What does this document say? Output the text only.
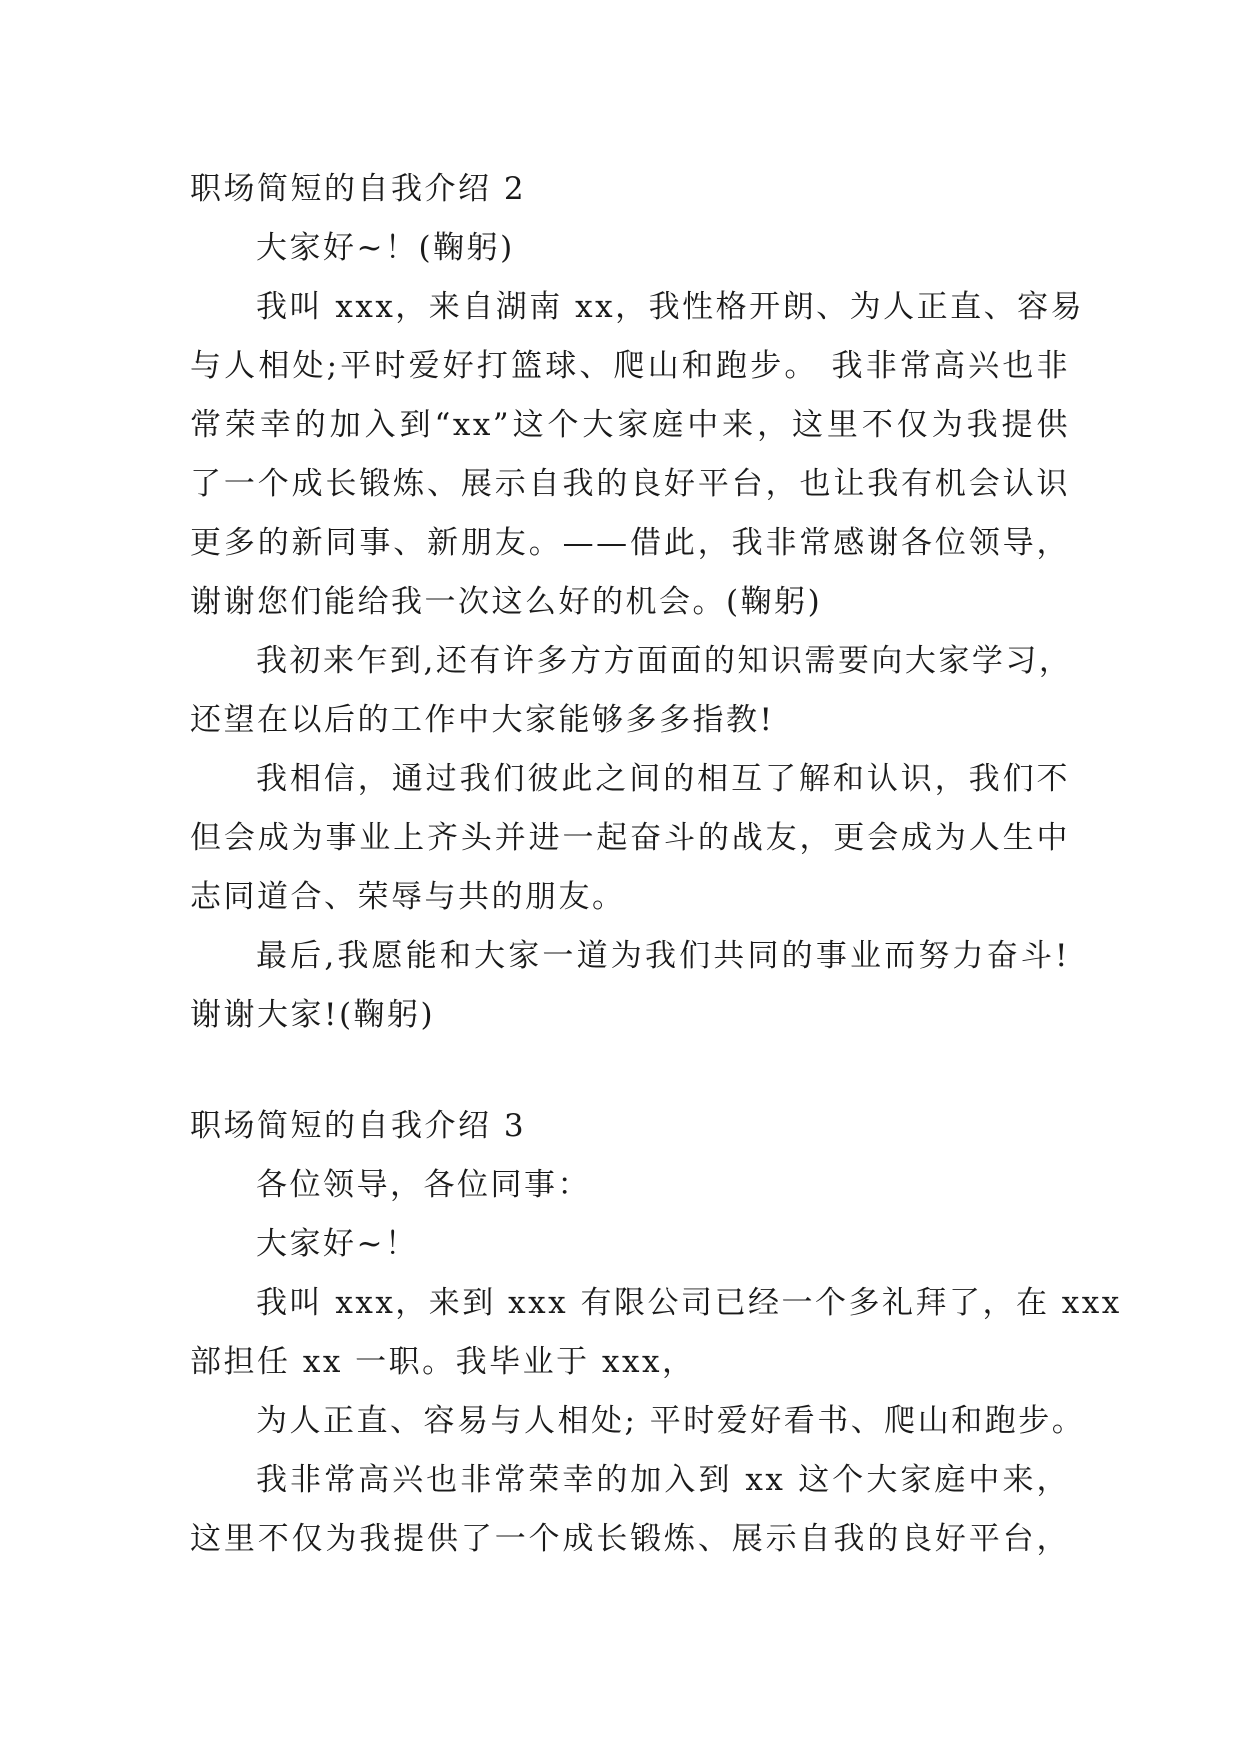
职场简短的自我介绍 2
大家好~！(鞠躬)
我叫 xxx，来自湖南 xx，我性格开朗、为人正直、容易
与人相处;平时爱好打篮球、爬山和跑步。 我非常高兴也非
常荣幸的加入到“xx”这个大家庭中来，这里不仅为我提供
了一个成长锻炼、展示自我的良好平台，也让我有机会认识
更多的新同事、新朋友。——借此，我非常感谢各位领导，
谢谢您们能给我一次这么好的机会。(鞠躬)
我初来乍到,还有许多方方面面的知识需要向大家学习，
还望在以后的工作中大家能够多多指教!
我相信，通过我们彼此之间的相互了解和认识，我们不
但会成为事业上齐头并进一起奋斗的战友，更会成为人生中
志同道合、荣辱与共的朋友。
最后,我愿能和大家一道为我们共同的事业而努力奋斗!
谢谢大家!(鞠躬)
职场简短的自我介绍 3
各位领导，各位同事：
大家好~！
我叫 xxx，来到 xxx 有限公司已经一个多礼拜了，在 xxx
部担任 xx 一职。我毕业于 xxx，
为人正直、容易与人相处; 平时爱好看书、爬山和跑步。
我非常高兴也非常荣幸的加入到 xx 这个大家庭中来，
这里不仅为我提供了一个成长锻炼、展示自我的良好平台，
